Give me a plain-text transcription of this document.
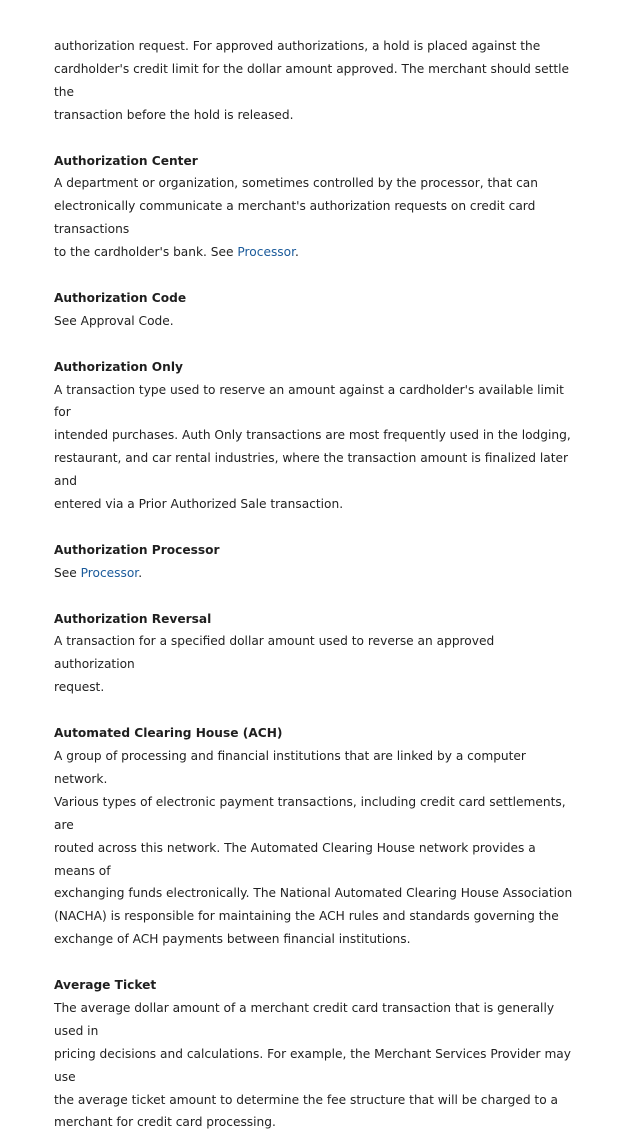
authorization request. For approved authorizations, a hold is placed against the
cardholder's credit limit for the dollar amount approved. The merchant should settle the
transaction before the hold is released.

Authorization Center

A department or organization, sometimes controlled by the processor, that can
electronically communicate a merchant's authorization requests on credit card transactions
to the cardholder's bank. See Processor.

Authorization Code

See Approval Code.

Authorization Only

A transaction type used to reserve an amount against a cardholder's available limit for
intended purchases. Auth Only transactions are most frequently used in the lodging,
restaurant, and car rental industries, where the transaction amount is finalized later and
entered via a Prior Authorized Sale transaction.

Authorization Processor

See Processor.

Authorization Reversal

A transaction for a specified dollar amount used to reverse an approved authorization
request.

Automated Clearing House (ACH)

A group of processing and financial institutions that are linked by a computer network.
Various types of electronic payment transactions, including credit card settlements, are
routed across this network. The Automated Clearing House network provides a means of
exchanging funds electronically. The National Automated Clearing House Association
(NACHA) is responsible for maintaining the ACH rules and standards governing the
exchange of ACH payments between financial institutions.

Average Ticket

The average dollar amount of a merchant credit card transaction that is generally used in
pricing decisions and calculations. For example, the Merchant Services Provider may use
the average ticket amount to determine the fee structure that will be charged to a
merchant for credit card processing.
